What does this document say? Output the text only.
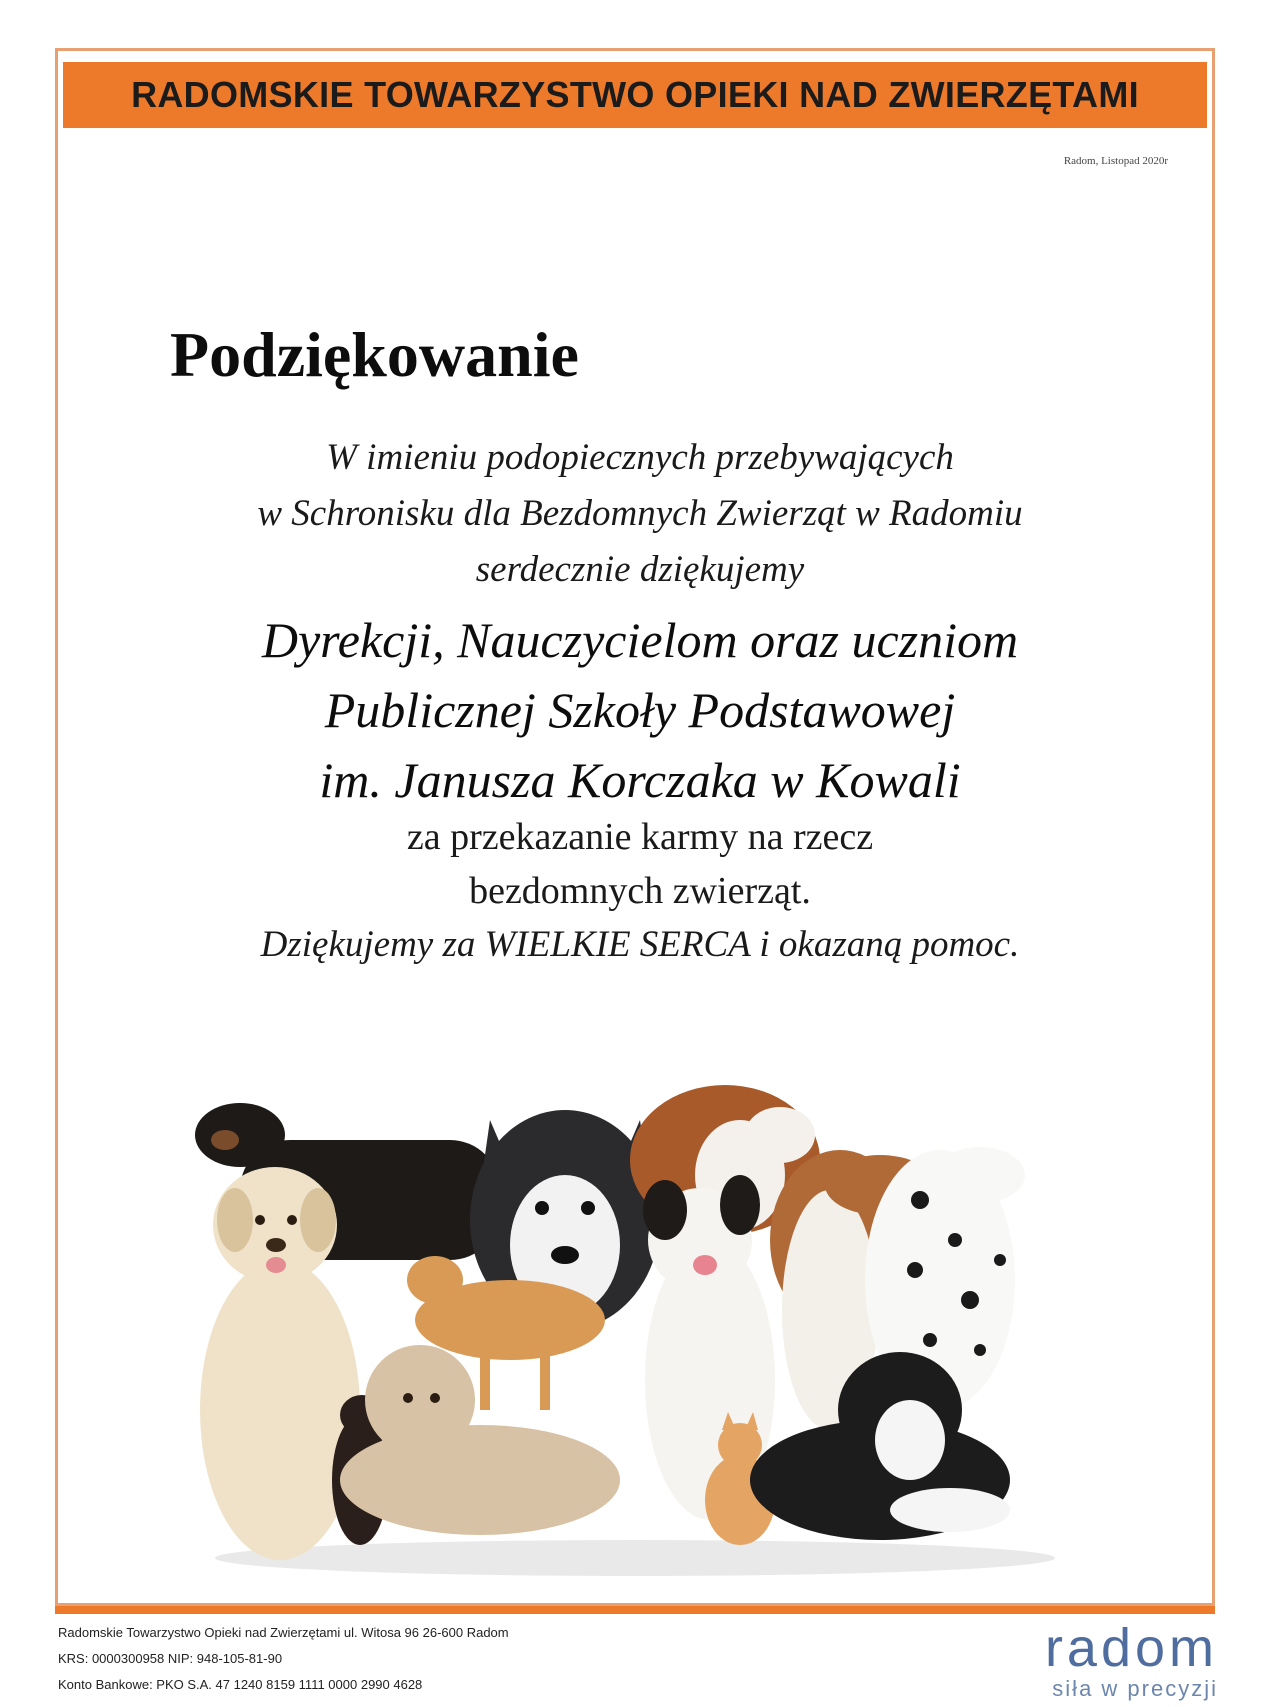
RADOMSKIE TOWARZYSTWO OPIEKI NAD ZWIERZĘTAMI
Radom, Listopad 2020r
Podziękowanie
W imieniu podopiecznych przebywających
w Schronisku dla Bezdomnych Zwierząt w Radomiu
serdecznie dziękujemy
Dyrekcji, Nauczycielom oraz uczniom
Publicznej Szkoły Podstawowej
im. Janusza Korczaka w Kowali
za przekazanie karmy na rzecz
bezdomnych zwierząt.
Dziękujemy za WIELKIE SERCA i okazaną pomoc.
Radomskie Towarzystwo Opieki nad Zwierzętami ul. Witosa 96 26-600 Radom
KRS: 0000300958 NIP: 948-105-81-90
Konto Bankowe: PKO S.A. 47 1240 8159 1111 0000 2990 4628
radom
siła w precyzji
